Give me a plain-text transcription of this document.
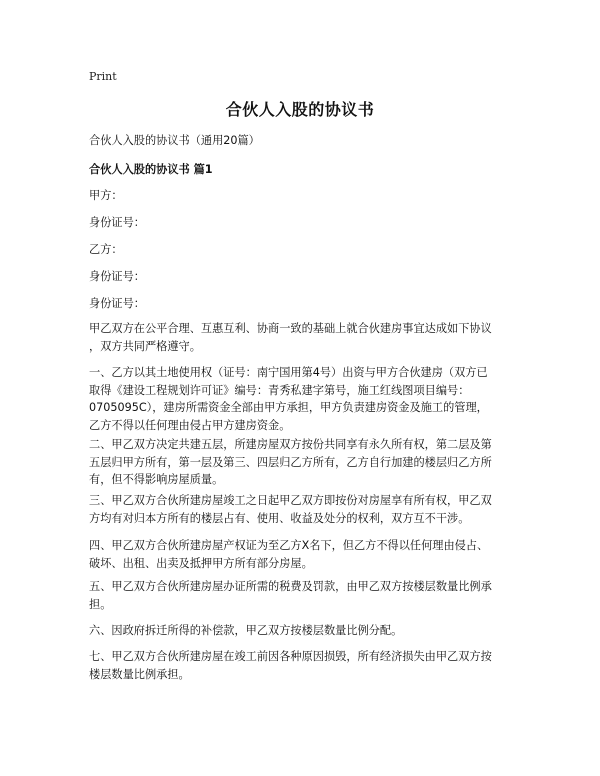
Print
合伙人入股的协议书
合伙人入股的协议书（通用20篇）
合伙人入股的协议书 篇1
甲方：
身份证号：
乙方：
身份证号：
身份证号：
甲乙双方在公平合理、互惠互利、协商一致的基础上就合伙建房事宜达成如下协议
，双方共同严格遵守。
一、乙方以其土地使用权（证号：南宁国用第4号）出资与甲方合伙建房（双方已
取得《建设工程规划许可证》编号：青秀私建字第号，施工红线图项目编号：
0705095C），建房所需资金全部由甲方承担，甲方负责建房资金及施工的管理，
乙方不得以任何理由侵占甲方建房资金。
二、甲乙双方决定共建五层，所建房屋双方按份共同享有永久所有权，第二层及第
五层归甲方所有，第一层及第三、四层归乙方所有，乙方自行加建的楼层归乙方所
有，但不得影响房屋质量。
三、甲乙双方合伙所建房屋竣工之日起甲乙双方即按份对房屋享有所有权，甲乙双
方均有对归本方所有的楼层占有、使用、收益及处分的权利，双方互不干涉。
四、甲乙双方合伙所建房屋产权证为至乙方X名下，但乙方不得以任何理由侵占、
破坏、出租、出卖及抵押甲方所有部分房屋。
五、甲乙双方合伙所建房屋办证所需的税费及罚款，由甲乙双方按楼层数量比例承
担。
六、因政府拆迁所得的补偿款，甲乙双方按楼层数量比例分配。
七、甲乙双方合伙所建房屋在竣工前因各种原因损毁，所有经济损失由甲乙双方按
楼层数量比例承担。
